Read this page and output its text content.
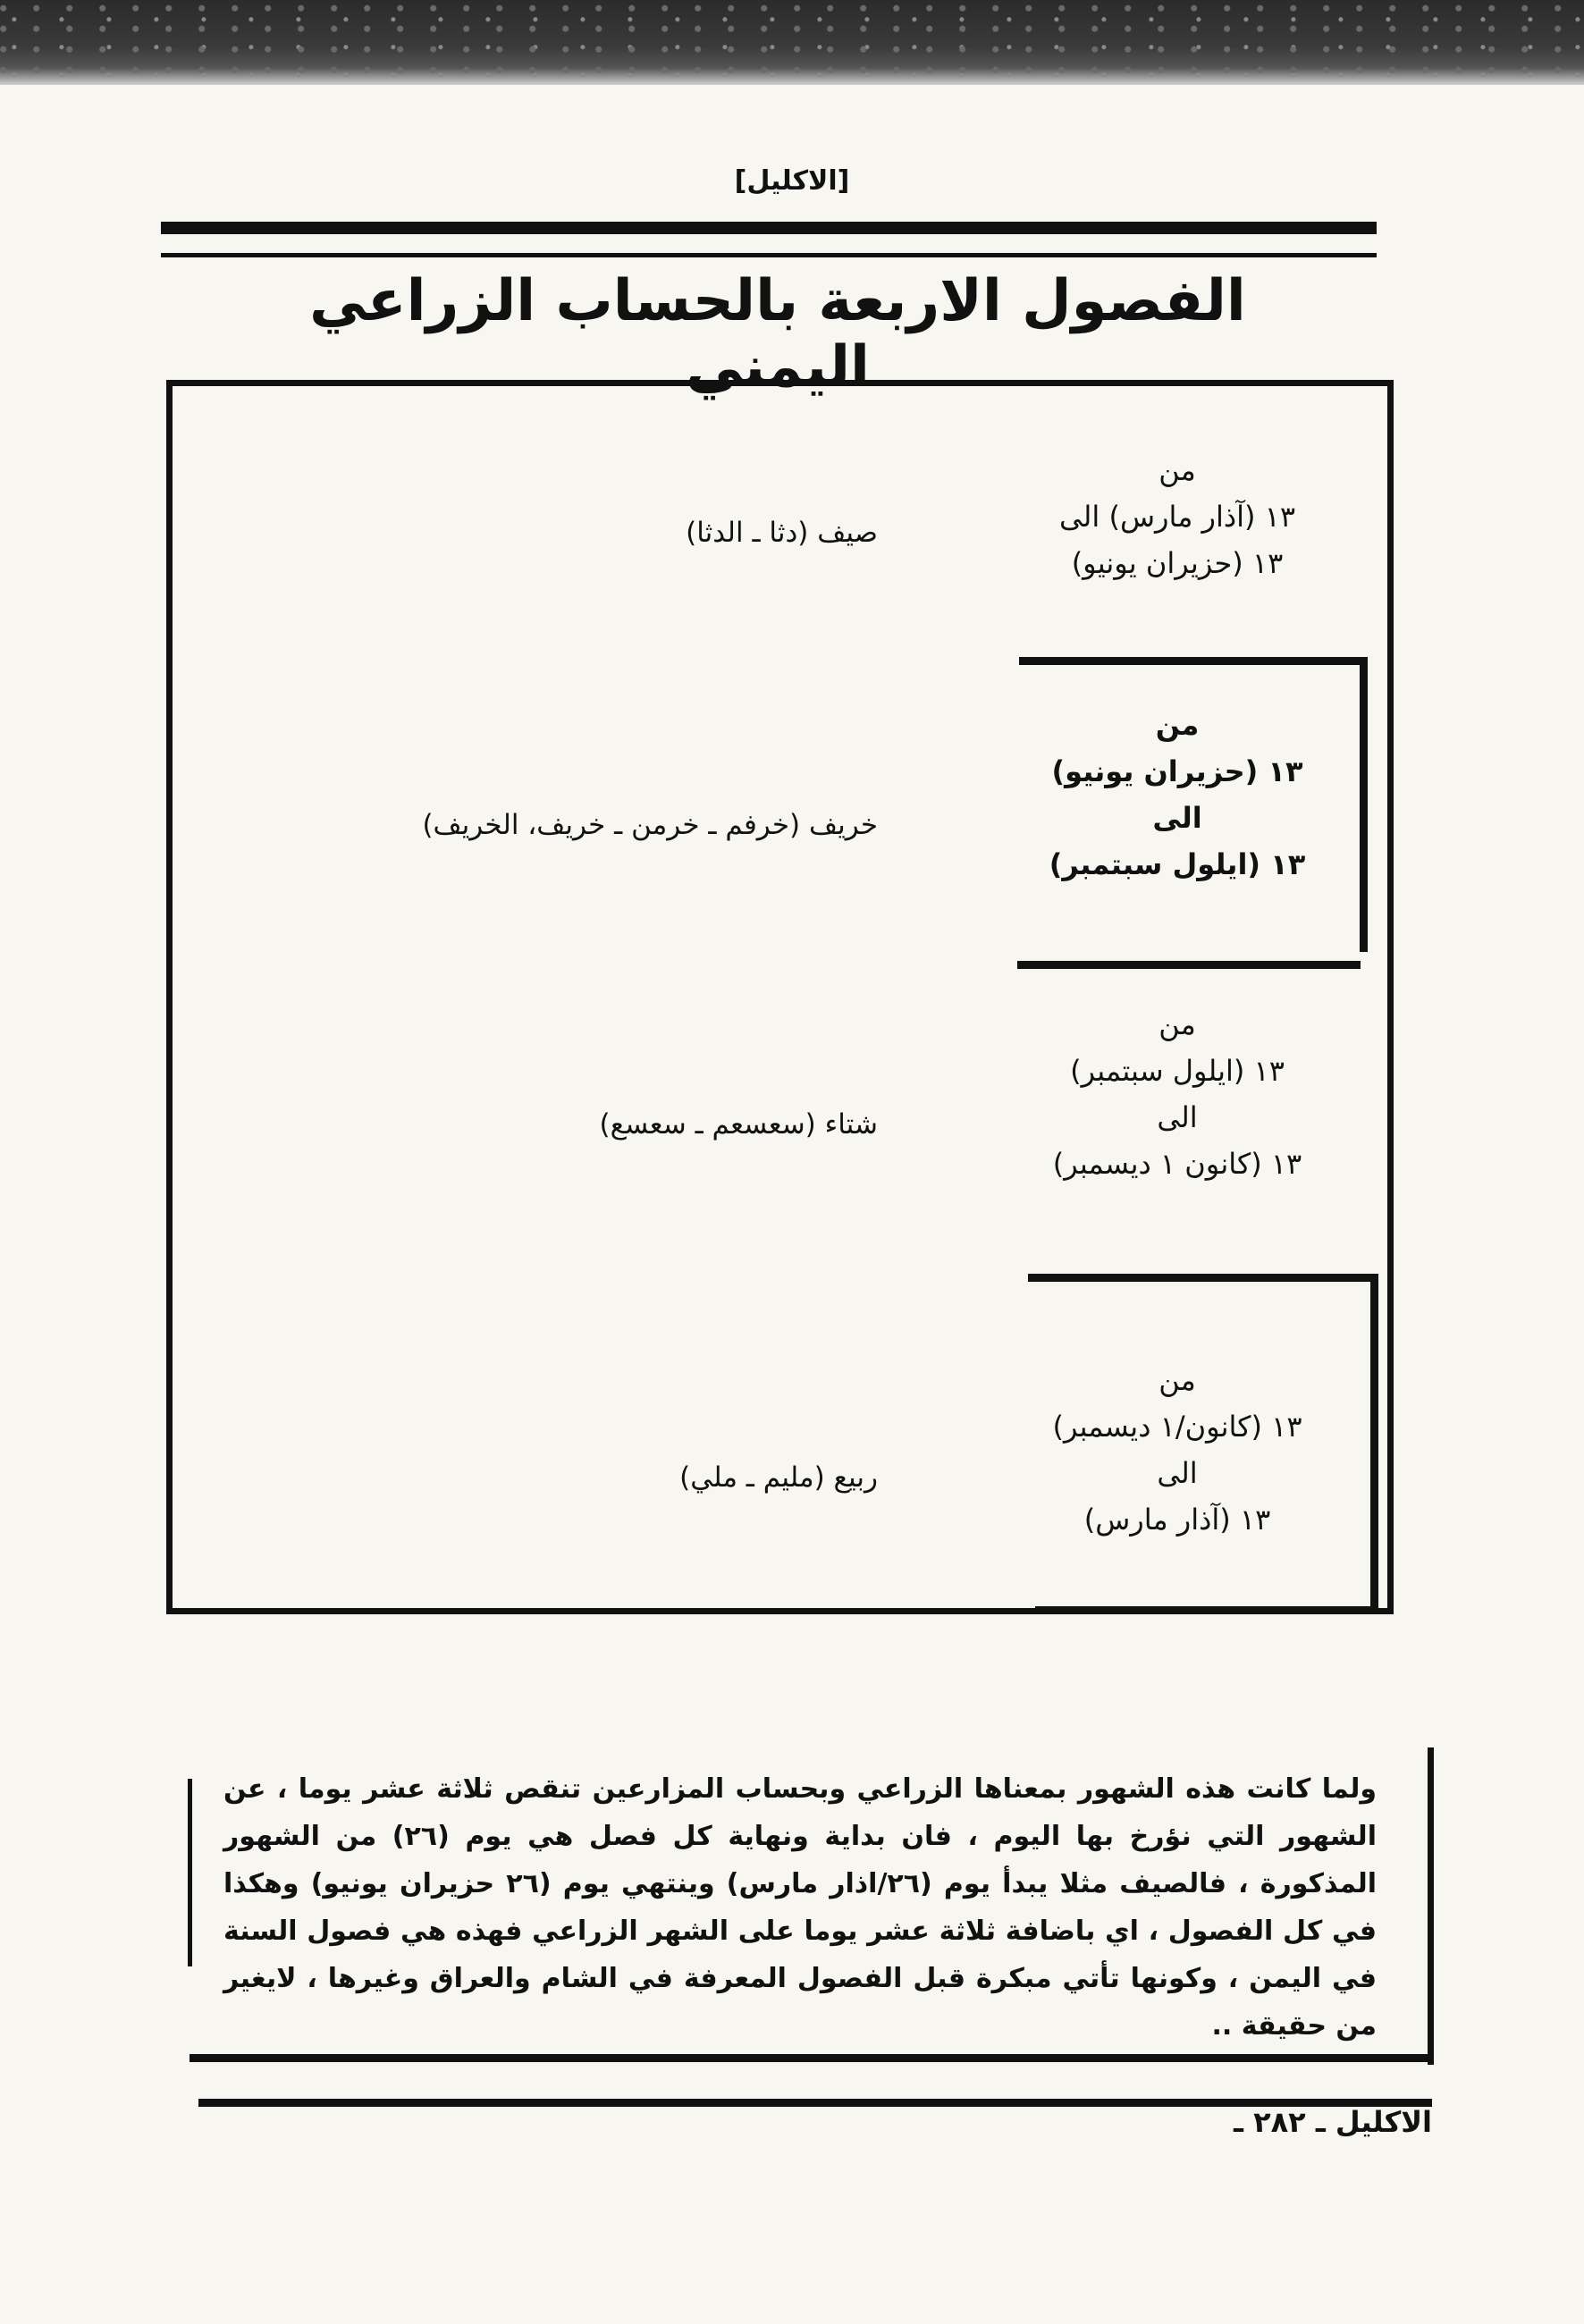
[الاكليل]
الفصول الاربعة بالحساب الزراعي اليمني
صيف (دثا ـ الدثا)
من
١٣ (آذار مارس) الى
١٣ (حزيران يونيو)
خريف (خرفم ـ خرمن ـ خريف، الخريف)
من
١٣ (حزيران يونيو)
الى
١٣ (ايلول سبتمبر)
شتاء (سعسعم ـ سعسع)
من
١٣ (ايلول سبتمبر)
الى
١٣ (كانون ١ ديسمبر)
ربيع (مليم ـ ملي)
من
١٣ (كانون/١ ديسمبر)
الى
١٣ (آذار مارس)
ولما كانت هذه الشهور بمعناها الزراعي وبحساب المزارعين تنقص ثلاثة عشر يوما ، عن الشهور التي نؤرخ بها اليوم ، فان بداية ونهاية كل فصل هي يوم (٢٦) من الشهور المذكورة ، فالصيف مثلا يبدأ يوم (٢٦/اذار مارس) وينتهي يوم (٢٦ حزيران يونيو) وهكذا في كل الفصول ، اي باضافة ثلاثة عشر يوما على الشهر الزراعي فهذه هي فصول السنة في اليمن ، وكونها تأتي مبكرة قبل الفصول المعرفة في الشام والعراق وغيرها ، لايغير من حقيقة ..
الاكليل ـ ٢٨٢ ـ
